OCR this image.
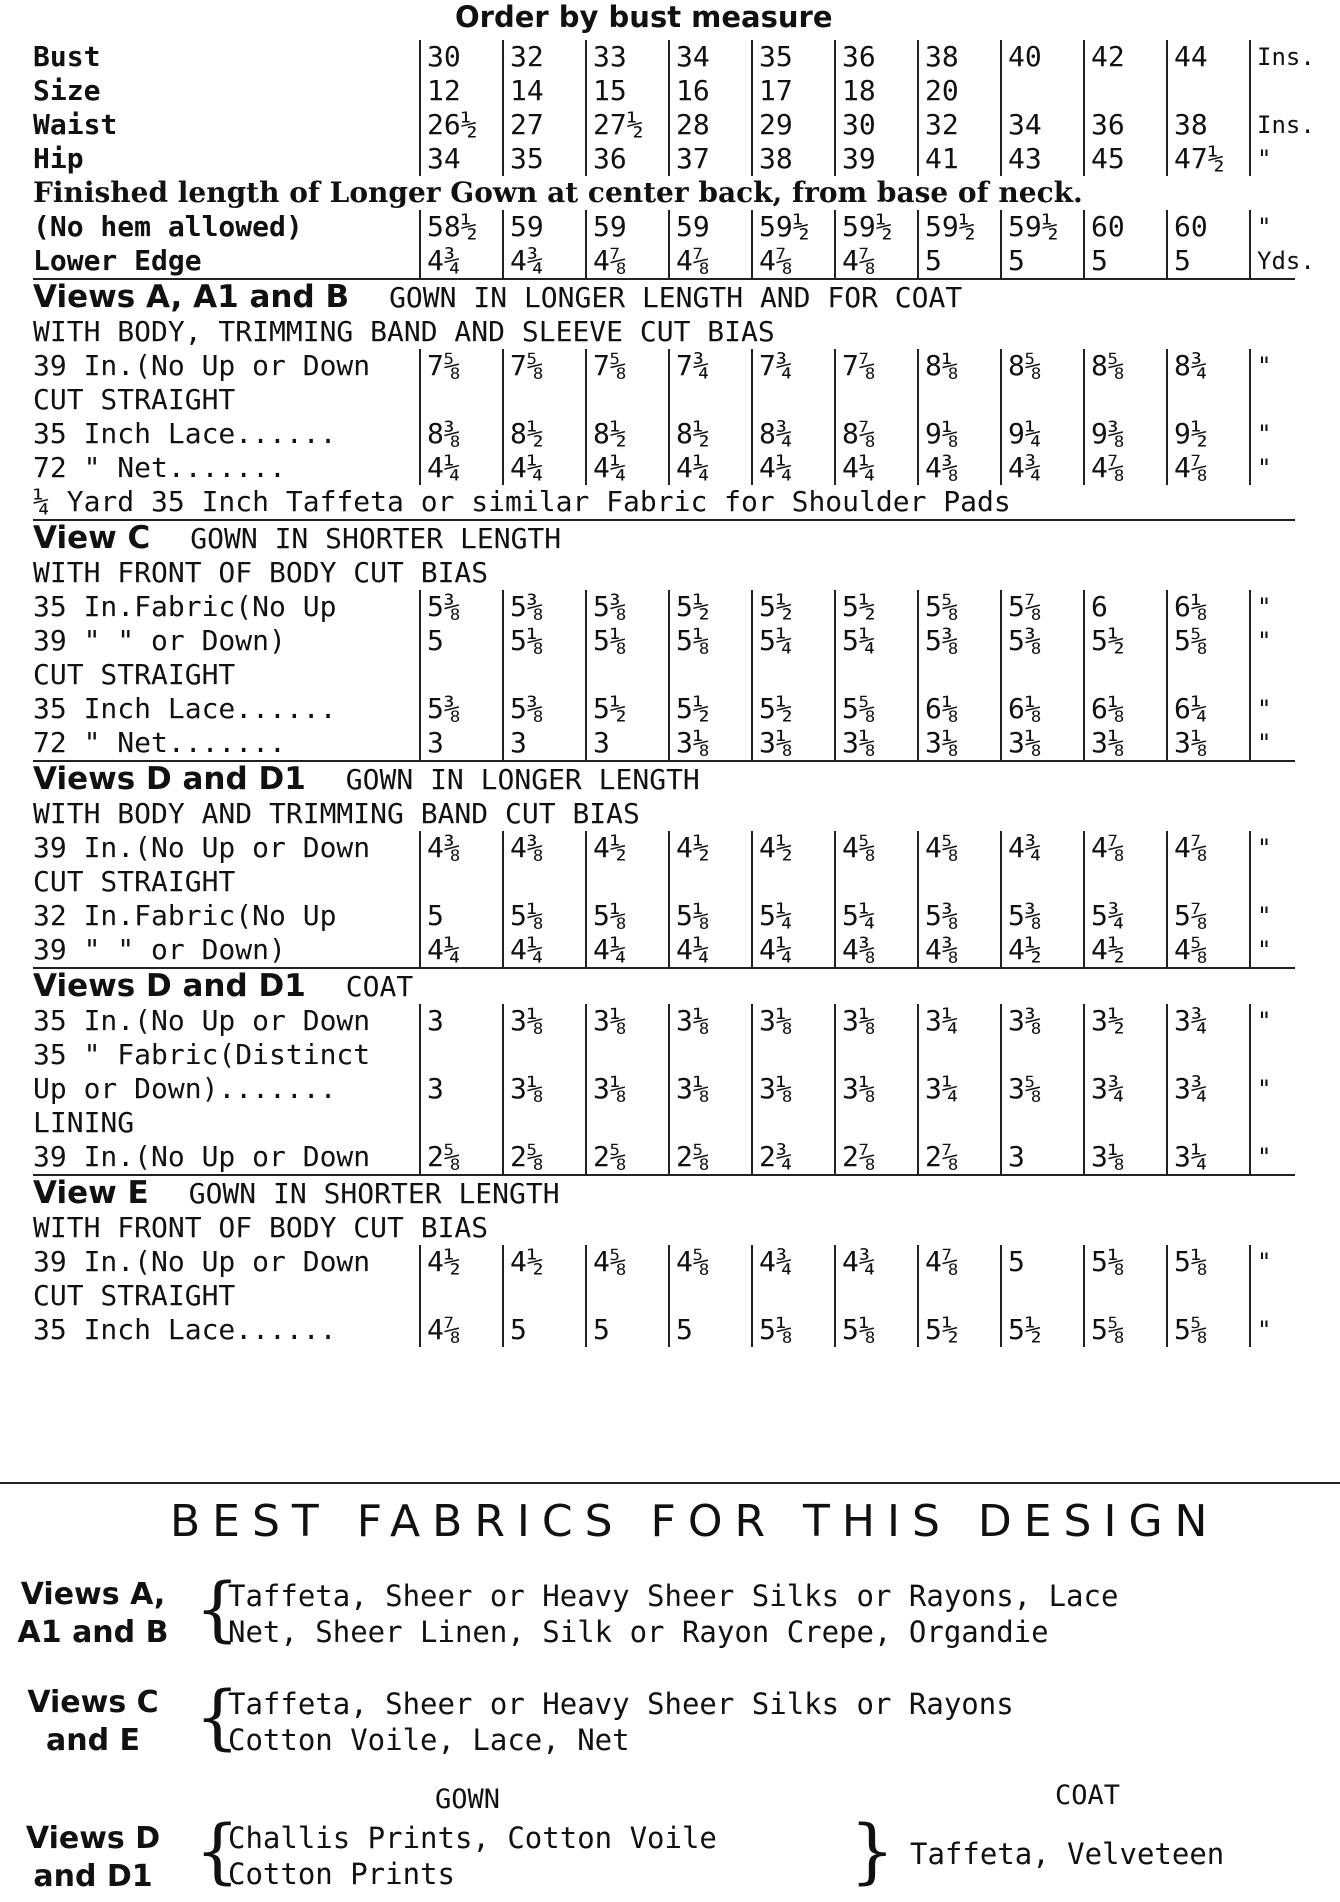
Order by bust measure
Bust	30	32	33	34	35	36	38	40	42	44	Ins.
Size	12	14	15	16	17	18	20				
Waist	26½	27	27½	28	29	30	32	34	36	38	Ins.
Hip	34	35	36	37	38	39	41	43	45	47½	"
Finished length of Longer Gown at center back, from base of neck.											
(No hem allowed)	58½	59	59	59	59½	59½	59½	59½	60	60	"
Lower Edge	4¾	4¾	4⅞	4⅞	4⅞	4⅞	5	5	5	5	Yds.
Views A, A1 and B GOWN IN LONGER LENGTH AND FOR COAT											
WITH BODY, TRIMMING BAND AND SLEEVE CUT BIAS											
39 In.(No Up or Down	7⅝	7⅝	7⅝	7¾	7¾	7⅞	8⅛	8⅝	8⅝	8¾	"
CUT STRAIGHT											
35 Inch Lace......	8⅜	8½	8½	8½	8¾	8⅞	9⅛	9¼	9⅜	9½	"
72 " Net.......	4¼	4¼	4¼	4¼	4¼	4¼	4⅜	4¾	4⅞	4⅞	"
¼ Yard 35 Inch Taffeta or similar Fabric for Shoulder Pads											
View C GOWN IN SHORTER LENGTH											
WITH FRONT OF BODY CUT BIAS											
35 In.Fabric(No Up	5⅜	5⅜	5⅜	5½	5½	5½	5⅝	5⅞	6	6⅛	"
39 " " or Down)	5	5⅛	5⅛	5⅛	5¼	5¼	5⅜	5⅜	5½	5⅝	"
CUT STRAIGHT											
35 Inch Lace......	5⅜	5⅜	5½	5½	5½	5⅝	6⅛	6⅛	6⅛	6¼	"
72 " Net.......	3	3	3	3⅛	3⅛	3⅛	3⅛	3⅛	3⅛	3⅛	"
Views D and D1 GOWN IN LONGER LENGTH											
WITH BODY AND TRIMMING BAND CUT BIAS											
39 In.(No Up or Down	4⅜	4⅜	4½	4½	4½	4⅝	4⅝	4¾	4⅞	4⅞	"
CUT STRAIGHT											
32 In.Fabric(No Up	5	5⅛	5⅛	5⅛	5¼	5¼	5⅜	5⅜	5¾	5⅞	"
39 " " or Down)	4¼	4¼	4¼	4¼	4¼	4⅜	4⅜	4½	4½	4⅝	"
Views D and D1 COAT											
35 In.(No Up or Down	3	3⅛	3⅛	3⅛	3⅛	3⅛	3¼	3⅜	3½	3¾	"
35 " Fabric(Distinct											
Up or Down).......	3	3⅛	3⅛	3⅛	3⅛	3⅛	3¼	3⅝	3¾	3¾	"
LINING											
39 In.(No Up or Down	2⅝	2⅝	2⅝	2⅝	2¾	2⅞	2⅞	3	3⅛	3¼	"
View E GOWN IN SHORTER LENGTH											
WITH FRONT OF BODY CUT BIAS											
39 In.(No Up or Down	4½	4½	4⅝	4⅝	4¾	4¾	4⅞	5	5⅛	5⅛	"
CUT STRAIGHT											
35 Inch Lace......	4⅞	5	5	5	5⅛	5⅛	5½	5½	5⅝	5⅝	"
BEST FABRICS FOR THIS DESIGN
Views A,
A1 and B {
Taffeta, Sheer or Heavy Sheer Silks or Rayons, Lace
Net, Sheer Linen, Silk or Rayon Crepe, Organdie
Views C
and E {
Taffeta, Sheer or Heavy Sheer Silks or Rayons
Cotton Voile, Lace, Net
GOWN
Views D
and D1 {
Challis Prints, Cotton Voile
Cotton Prints	}
COAT
Taffeta, Velveteen
